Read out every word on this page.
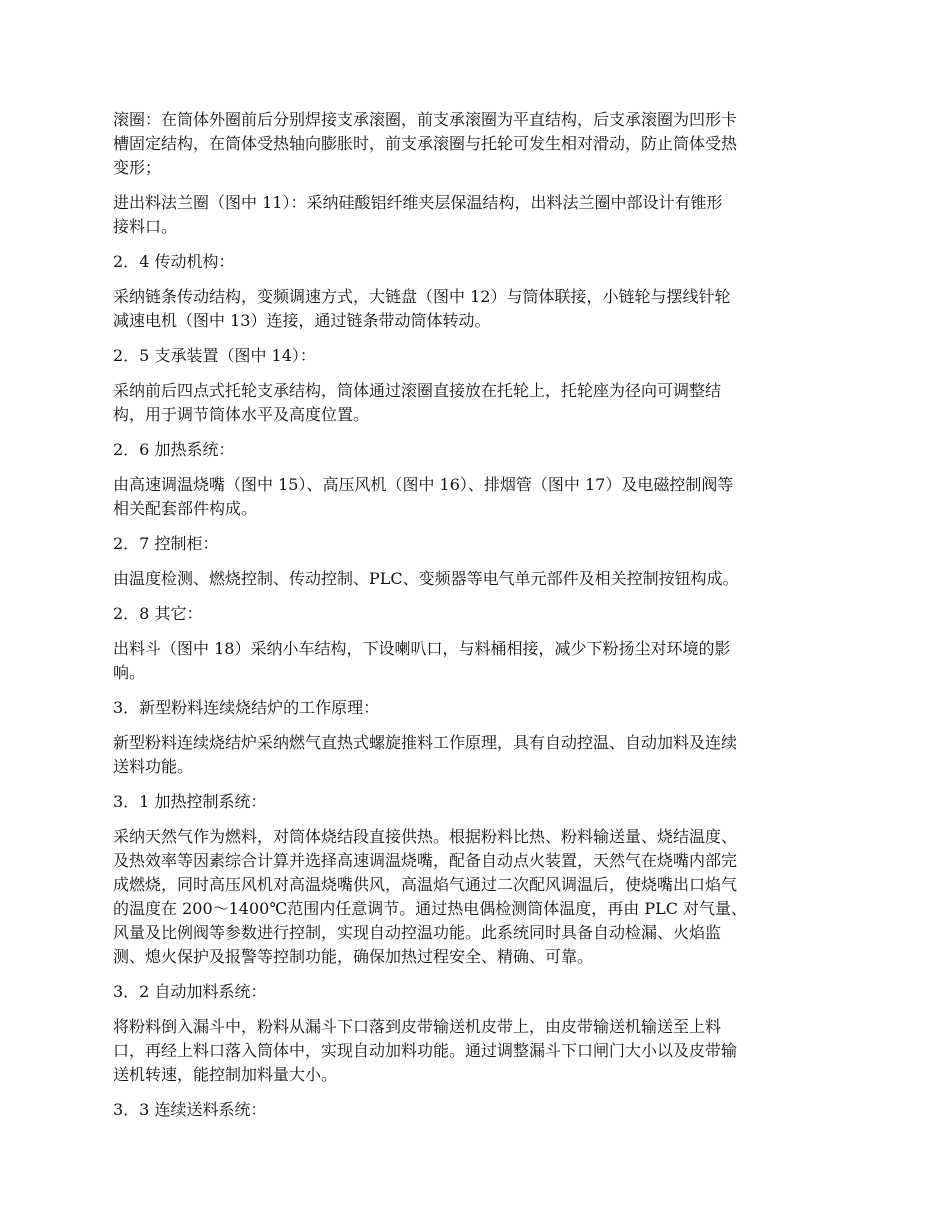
滚圈：在筒体外圈前后分别焊接支承滚圈，前支承滚圈为平直结构，后支承滚圈为凹形卡
槽固定结构，在筒体受热轴向膨胀时，前支承滚圈与托轮可发生相对滑动，防止筒体受热
变形；

进出料法兰圈（图中 11）：采纳硅酸铝纤维夹层保温结构，出料法兰圈中部设计有锥形
接料口。

2．4 传动机构：

采纳链条传动结构，变频调速方式，大链盘（图中 12）与筒体联接，小链轮与摆线针轮
减速电机（图中 13）连接，通过链条带动筒体转动。

2．5 支承装置（图中 14）：

采纳前后四点式托轮支承结构，筒体通过滚圈直接放在托轮上，托轮座为径向可调整结
构，用于调节筒体水平及高度位置。

2．6 加热系统：

由高速调温烧嘴（图中 15）、高压风机（图中 16）、排烟管（图中 17）及电磁控制阀等
相关配套部件构成。

2．7 控制柜：

由温度检测、燃烧控制、传动控制、PLC、变频器等电气单元部件及相关控制按钮构成。

2．8 其它：

出料斗（图中 18）采纳小车结构，下设喇叭口，与料桶相接，减少下粉扬尘对环境的影
响。

3．新型粉料连续烧结炉的工作原理：

新型粉料连续烧结炉采纳燃气直热式螺旋推料工作原理，具有自动控温、自动加料及连续
送料功能。

3．1 加热控制系统：

采纳天然气作为燃料，对筒体烧结段直接供热。根据粉料比热、粉料输送量、烧结温度、
及热效率等因素综合计算并选择高速调温烧嘴，配备自动点火装置，天然气在烧嘴内部完
成燃烧，同时高压风机对高温烧嘴供风，高温焰气通过二次配风调温后，使烧嘴出口焰气
的温度在 200～1400℃范围内任意调节。通过热电偶检测筒体温度，再由 PLC 对气量、
风量及比例阀等参数进行控制，实现自动控温功能。此系统同时具备自动检漏、火焰监
测、熄火保护及报警等控制功能，确保加热过程安全、精确、可靠。

3．2 自动加料系统：

将粉料倒入漏斗中，粉料从漏斗下口落到皮带输送机皮带上，由皮带输送机输送至上料
口，再经上料口落入筒体中，实现自动加料功能。通过调整漏斗下口闸门大小以及皮带输
送机转速，能控制加料量大小。

3．3 连续送料系统：
